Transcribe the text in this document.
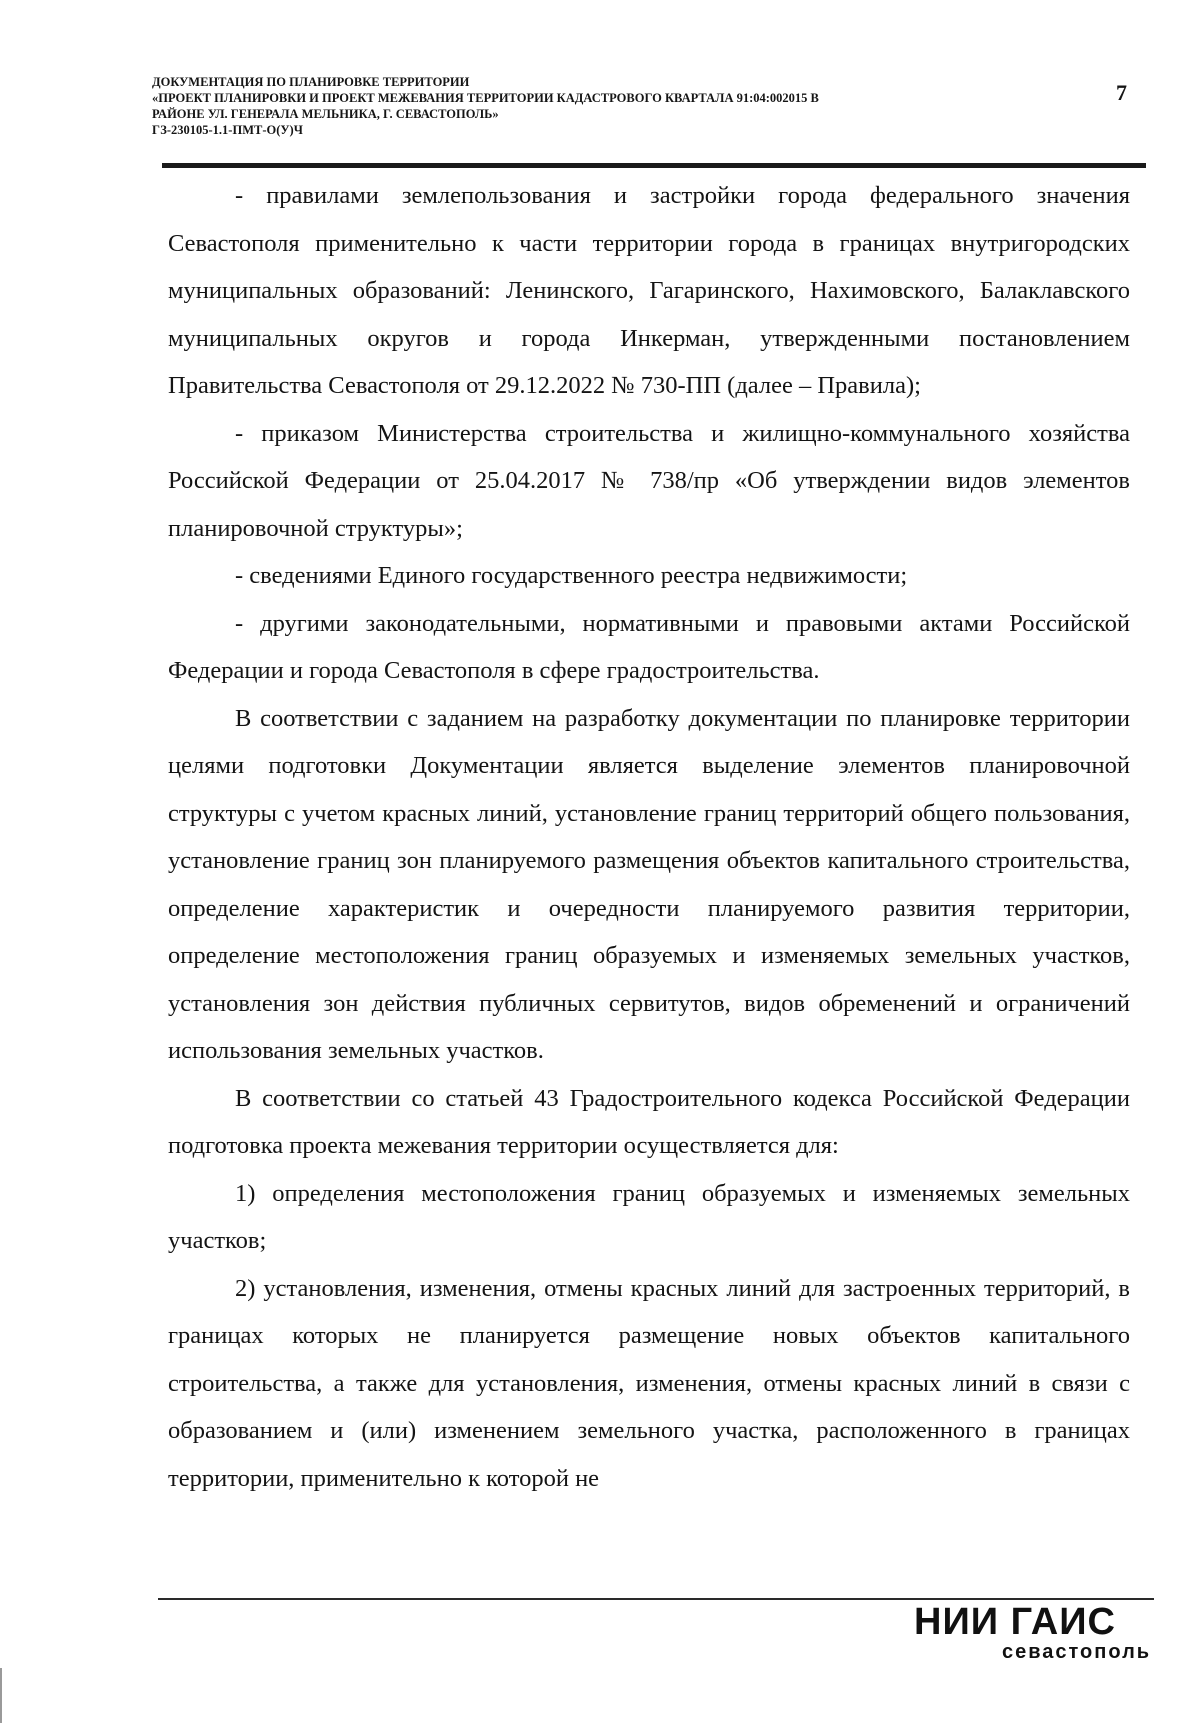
ДОКУМЕНТАЦИЯ ПО ПЛАНИРОВКЕ ТЕРРИТОРИИ
«ПРОЕКТ ПЛАНИРОВКИ И ПРОЕКТ МЕЖЕВАНИЯ ТЕРРИТОРИИ КАДАСТРОВОГО КВАРТАЛА 91:04:002015 В
РАЙОНЕ УЛ. ГЕНЕРАЛА МЕЛЬНИКА, Г. СЕВАСТОПОЛЬ»
ГЗ-230105-1.1-ПМТ-О(У)Ч
7

- правилами землепользования и застройки города федерального значения Севастополя применительно к части территории города в границах внутригородских муниципальных образований: Ленинского, Гагаринского, Нахимовского, Балаклавского муниципальных округов и города Инкерман, утвержденными постановлением Правительства Севастополя от 29.12.2022 № 730-ПП (далее – Правила);

- приказом Министерства строительства и жилищно-коммунального хозяйства Российской Федерации от 25.04.2017 № 738/пр «Об утверждении видов элементов планировочной структуры»;

- сведениями Единого государственного реестра недвижимости;

- другими законодательными, нормативными и правовыми актами Российской Федерации и города Севастополя в сфере градостроительства.

В соответствии с заданием на разработку документации по планировке территории целями подготовки Документации является выделение элементов планировочной структуры с учетом красных линий, установление границ территорий общего пользования, установление границ зон планируемого размещения объектов капитального строительства, определение характеристик и очередности планируемого развития территории, определение местоположения границ образуемых и изменяемых земельных участков, установления зон действия публичных сервитутов, видов обременений и ограничений использования земельных участков.

В соответствии со статьей 43 Градостроительного кодекса Российской Федерации подготовка проекта межевания территории осуществляется для:

1) определения местоположения границ образуемых и изменяемых земельных участков;

2) установления, изменения, отмены красных линий для застроенных территорий, в границах которых не планируется размещение новых объектов капитального строительства, а также для установления, изменения, отмены красных линий в связи с образованием и (или) изменением земельного участка, расположенного в границах территории, применительно к которой не

НИИ ГАИС
севастополь
